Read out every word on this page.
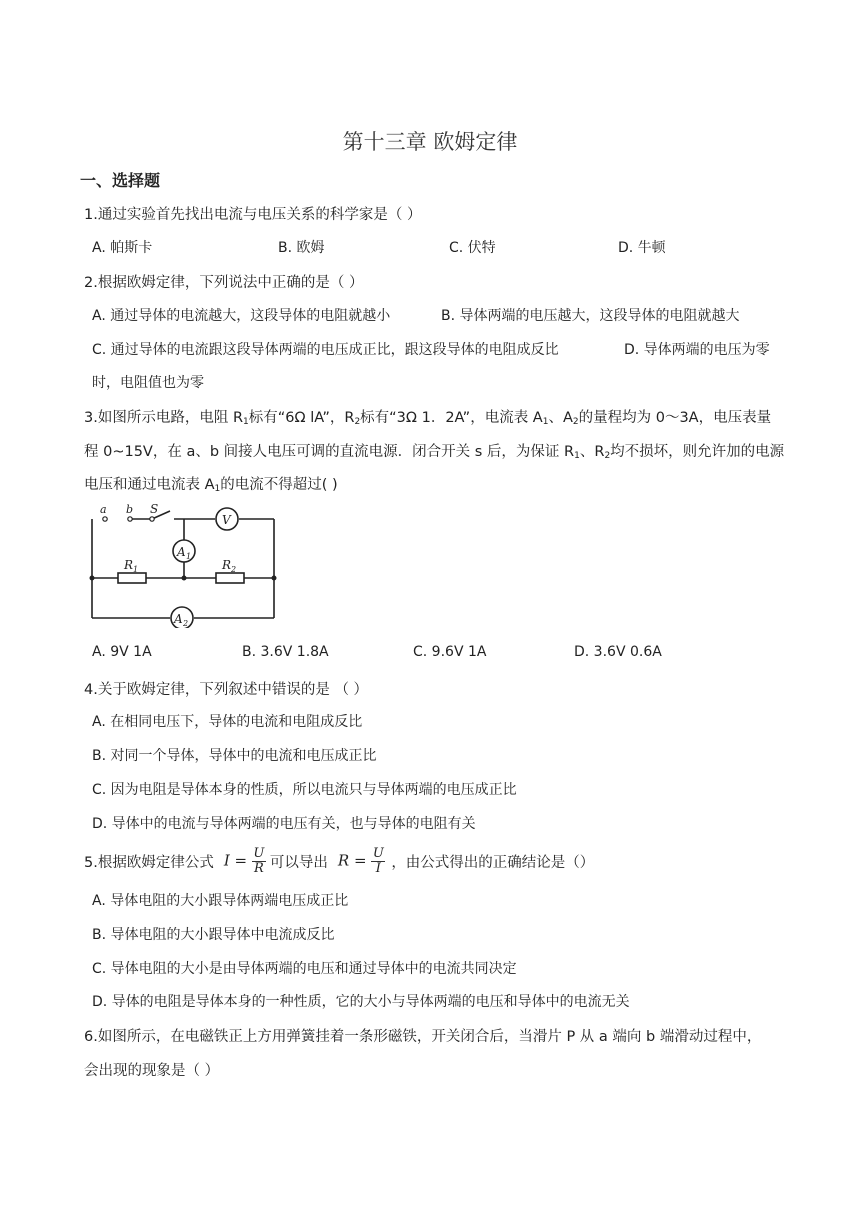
第十三章 欧姆定律
一、选择题
1.通过实验首先找出电流与电压关系的科学家是（ ）
A. 帕斯卡	B. 欧姆	C. 伏特	D. 牛顿
2.根据欧姆定律，下列说法中正确的是（ ）
A. 通过导体的电流越大，这段导体的电阻就越小	B. 导体两端的电压越大，这段导体的电阻就越大
C. 通过导体的电流跟这段导体两端的电压成正比，跟这段导体的电阻成反比	D. 导体两端的电压为零
时，电阻值也为零
3.如图所示电路，电阻 $R_1$标有“6Ω lA”，$R_2$标有“3Ω 1．2A”，电流表 $A_1$、$A_2$的量程均为 0～3A，电压表量
程 0~15V，在 a、b 间接人电压可调的直流电源．闭合开关 s 后，为保证 $R_1$、$R_2$均不损坏，则允许加的电源
电压和通过电流表 $A_1$的电流不得超过( )
a b S
V
A 1
A 2
R 1	R 2
A. 9V 1A	B. 3.6V 1.8A	C. 9.6V 1A	D. 3.6V 0.6A
4.关于欧姆定律，下列叙述中错误的是 （ ）
A. 在相同电压下，导体的电流和电阻成反比
B. 对同一个导体，导体中的电流和电压成正比
C. 因为电阻是导体本身的性质，所以电流只与导体两端的电压成正比
D. 导体中的电流与导体两端的电压有关，也与导体的电阻有关
5.根据欧姆定律公式 $I = \frac{U}{R}$ 可以导出 $R = \frac{U}{I}$ ，由公式得出的正确结论是（）
A. 导体电阻的大小跟导体两端电压成正比
B. 导体电阻的大小跟导体中电流成反比
C. 导体电阻的大小是由导体两端的电压和通过导体中的电流共同决定
D. 导体的电阻是导体本身的一种性质，它的大小与导体两端的电压和导体中的电流无关
6.如图所示，在电磁铁正上方用弹簧挂着一条形磁铁，开关闭合后，当滑片 P 从 a 端向 b 端滑动过程中，
会出现的现象是（ ）
